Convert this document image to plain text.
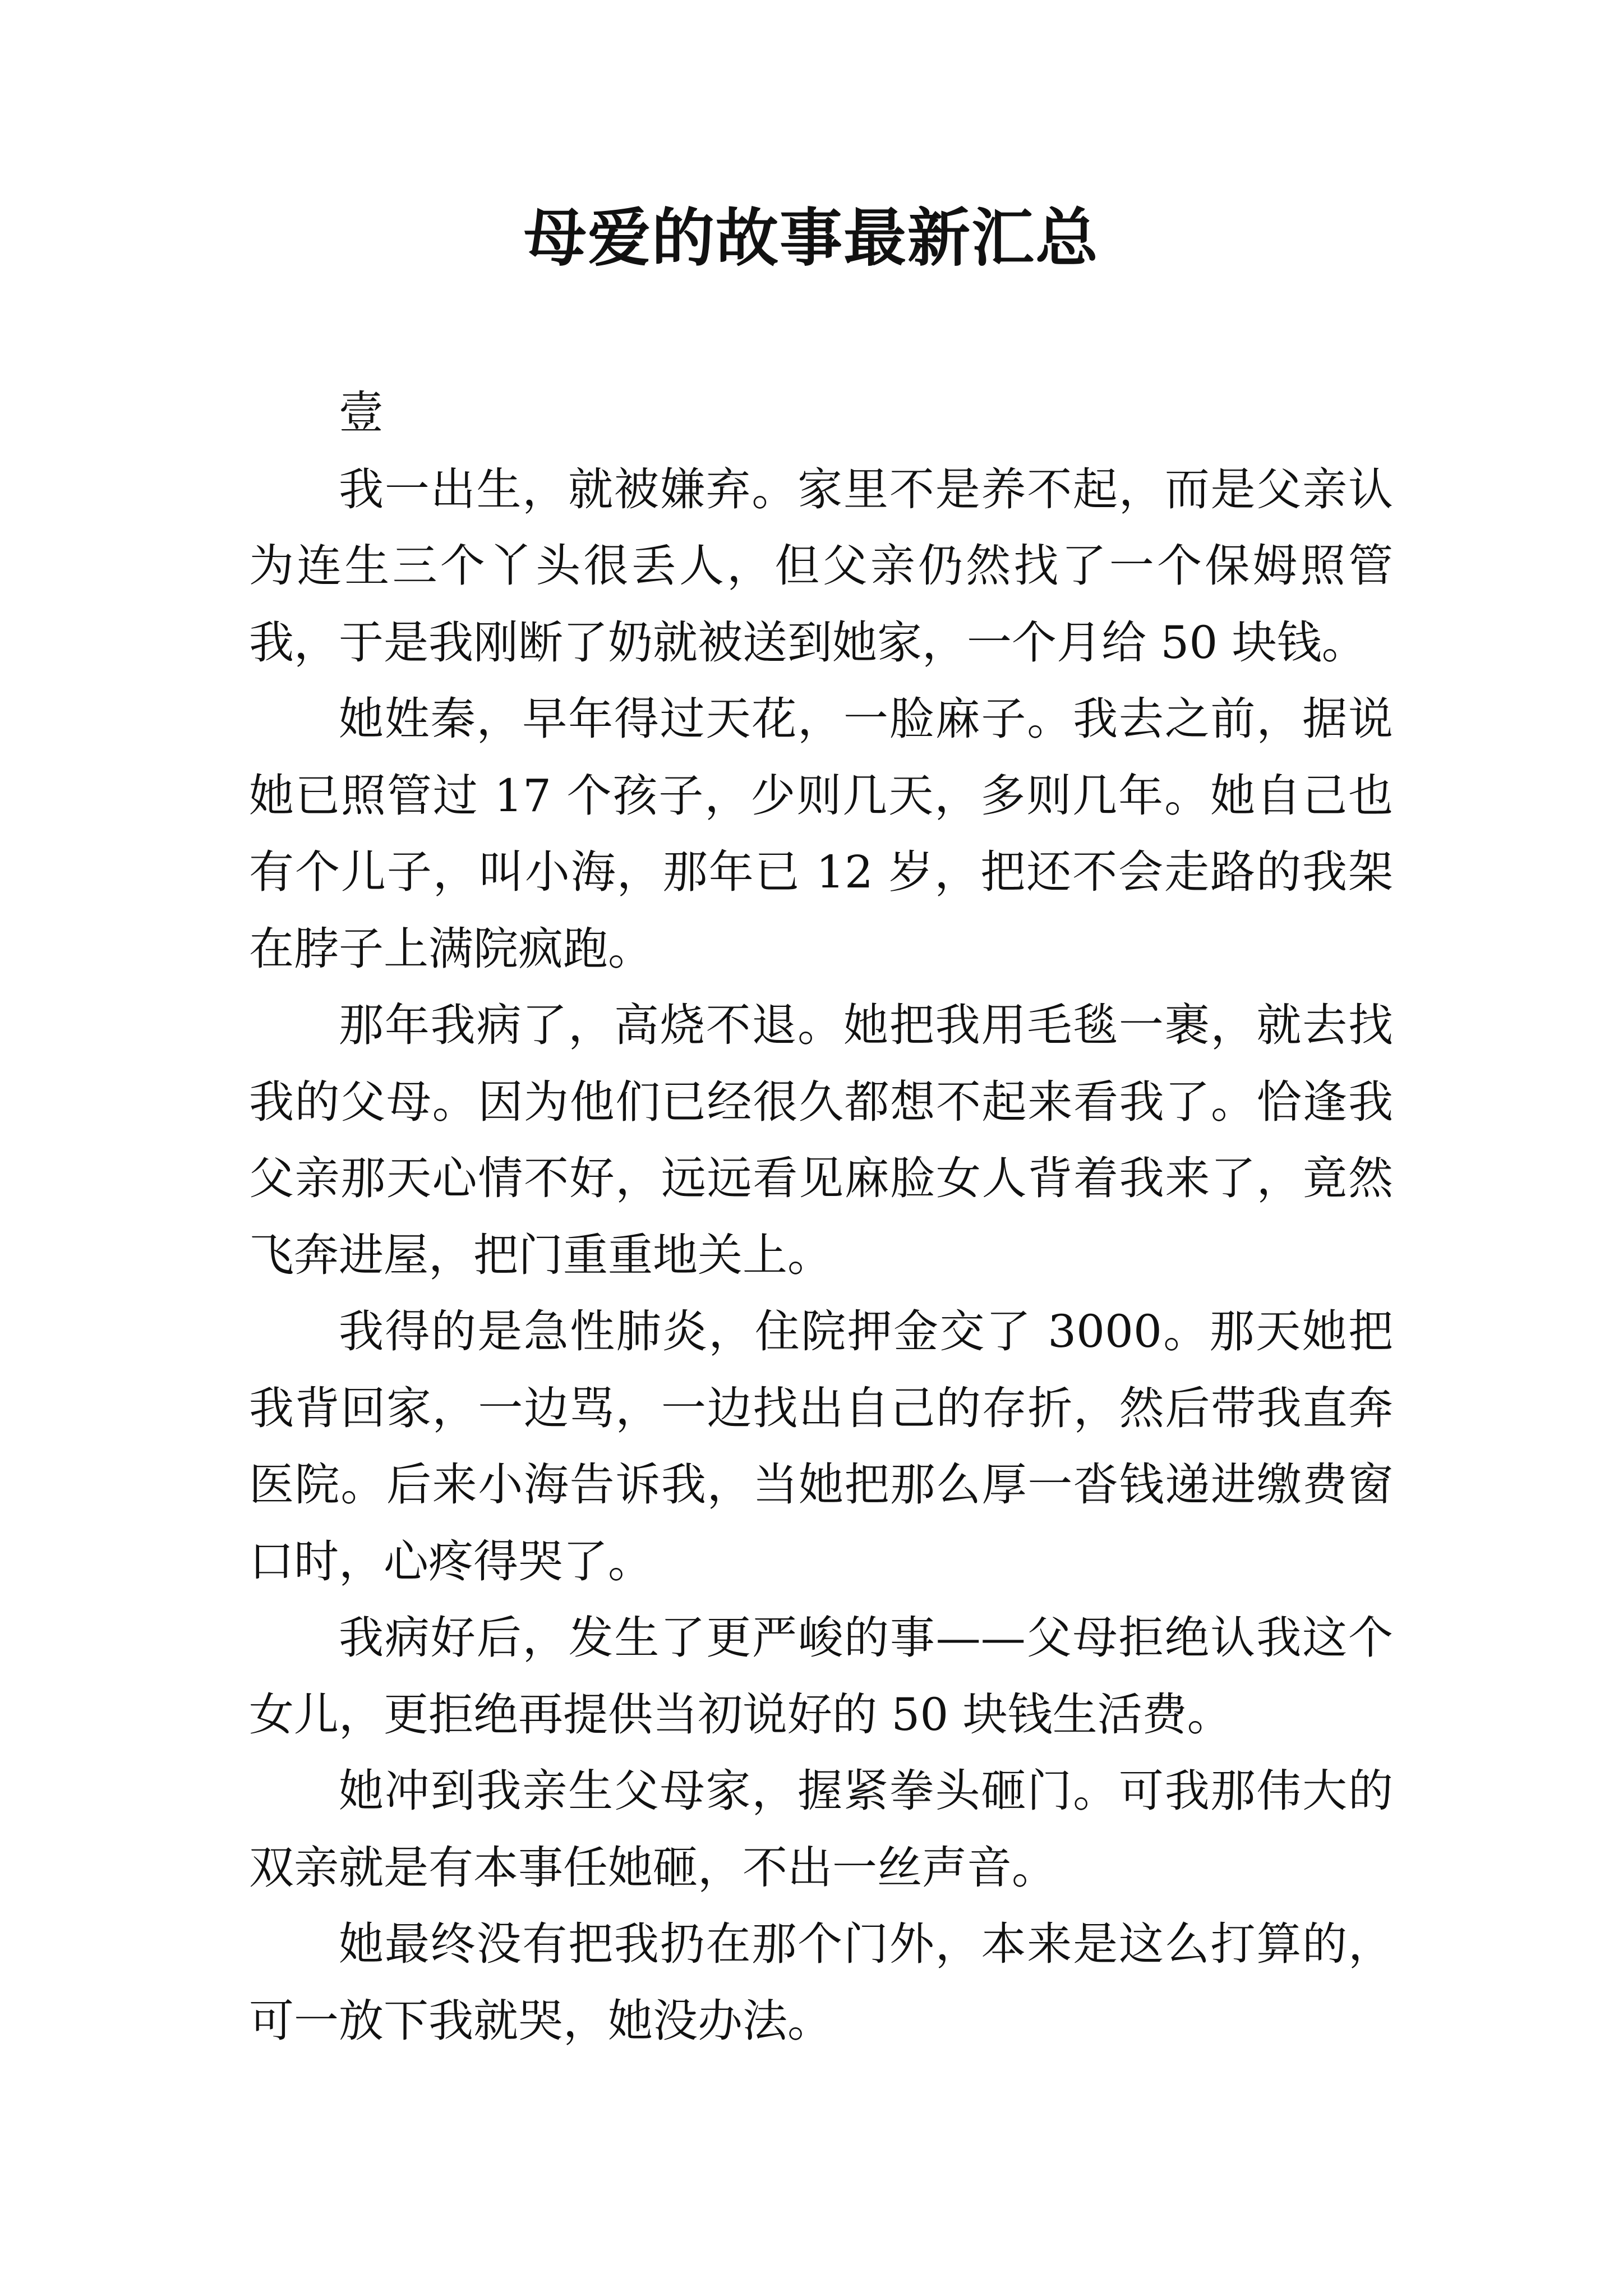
母爱的故事最新汇总

壹

我一出生，就被嫌弃。家里不是养不起，而是父亲认为连生三个丫头很丢人，但父亲仍然找了一个保姆照管我，于是我刚断了奶就被送到她家，一个月给 50 块钱。

她姓秦，早年得过天花，一脸麻子。我去之前，据说她已照管过 17 个孩子，少则几天，多则几年。她自己也有个儿子，叫小海，那年已 12 岁，把还不会走路的我架在脖子上满院疯跑。

那年我病了，高烧不退。她把我用毛毯一裹，就去找我的父母。因为他们已经很久都想不起来看我了。恰逢我父亲那天心情不好，远远看见麻脸女人背着我来了，竟然飞奔进屋，把门重重地关上。

我得的是急性肺炎，住院押金交了 3000。那天她把我背回家，一边骂，一边找出自己的存折，然后带我直奔医院。后来小海告诉我，当她把那么厚一沓钱递进缴费窗口时，心疼得哭了。

我病好后，发生了更严峻的事——父母拒绝认我这个女儿，更拒绝再提供当初说好的 50 块钱生活费。

她冲到我亲生父母家，握紧拳头砸门。可我那伟大的双亲就是有本事任她砸，不出一丝声音。

她最终没有把我扔在那个门外，本来是这么打算的，可一放下我就哭，她没办法。
